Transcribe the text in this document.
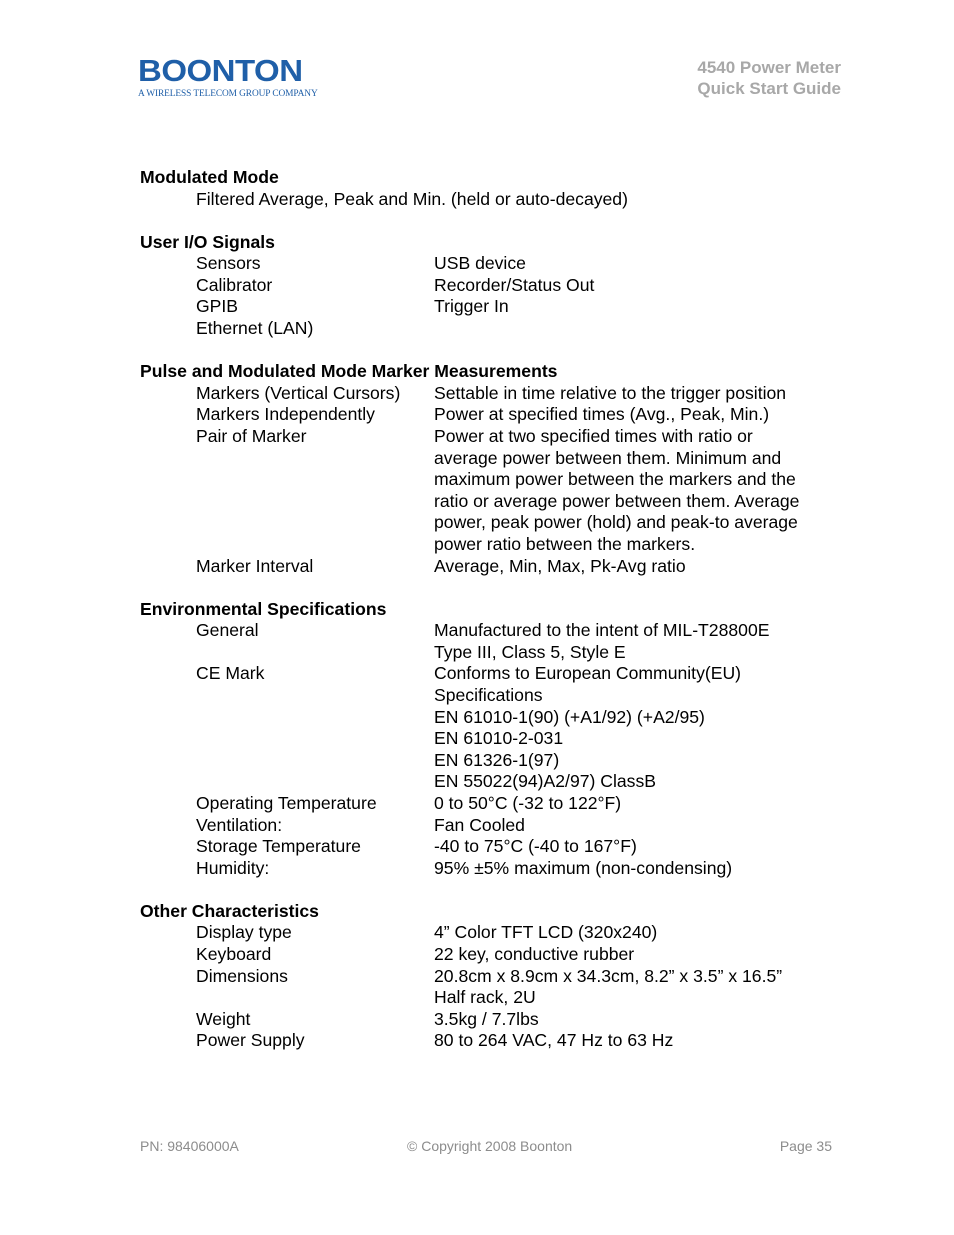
BOONTON
A WIRELESS TELECOM GROUP COMPANY
4540 Power Meter
Quick Start Guide
Modulated Mode
Filtered Average, Peak and Min. (held or auto-decayed)
User I/O Signals
Sensors	USB device
Calibrator	Recorder/Status Out
GPIB	Trigger In
Ethernet (LAN)
Pulse and Modulated Mode Marker Measurements
Markers (Vertical Cursors)	Settable in time relative to the trigger position
Markers Independently	Power at specified times (Avg., Peak, Min.)
Pair of Marker	Power at two specified times with ratio or
average power between them. Minimum and
maximum power between the markers and the
ratio or average power between them. Average
power, peak power (hold) and peak-to average
power ratio between the markers.
Marker Interval	Average, Min, Max, Pk-Avg ratio
Environmental Specifications
General	Manufactured to the intent of MIL-T28800E
Type III, Class 5, Style E
CE Mark	Conforms to European Community(EU)
Specifications
EN 61010-1(90) (+A1/92) (+A2/95)
EN 61010-2-031
EN 61326-1(97)
EN 55022(94)A2/97) ClassB
Operating Temperature	0 to 50°C (-32 to 122°F)
Ventilation:	Fan Cooled
Storage Temperature	-40 to 75°C (-40 to 167°F)
Humidity:	95% ±5% maximum (non-condensing)
Other Characteristics
Display type	4” Color TFT LCD (320x240)
Keyboard	22 key, conductive rubber
Dimensions	20.8cm x 8.9cm x 34.3cm, 8.2” x 3.5” x 16.5”
Half rack, 2U
Weight	3.5kg / 7.7lbs
Power Supply	80 to 264 VAC, 47 Hz to 63 Hz
PN: 98406000A	© Copyright 2008 Boonton	Page 35
